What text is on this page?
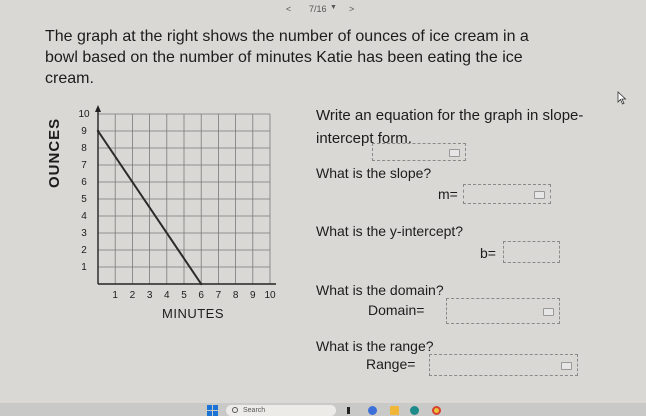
< 7/16 ▼ >

The graph at the right shows the number of ounces of ice cream in a bowl based on the number of minutes Katie has been eating the ice cream.

1 2 3 4 5 6 7 8 9 10
1
2
3
4
5
6
7
8
9
10
OUNCES
MINUTES
Write an equation for the graph in slope-intercept form.
What is the slope?
m=
What is the y-intercept?
b=
What is the domain?
Domain=
What is the range?
Range=
Search
